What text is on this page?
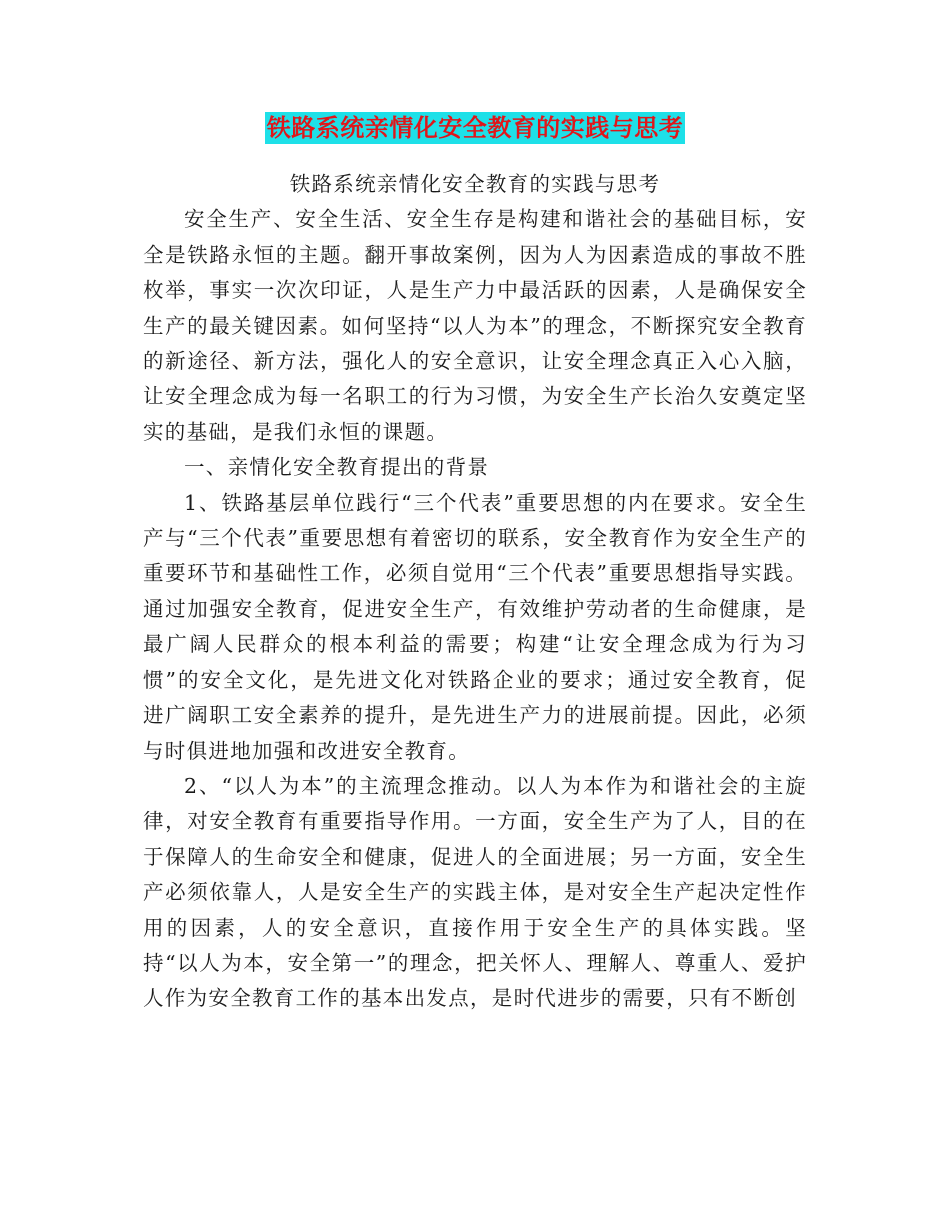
铁路系统亲情化安全教育的实践与思考

铁路系统亲情化安全教育的实践与思考

安全生产、安全生活、安全生存是构建和谐社会的基础目标，安全是铁路永恒的主题。翻开事故案例，因为人为因素造成的事故不胜枚举，事实一次次印证，人是生产力中最活跃的因素，人是确保安全生产的最关键因素。如何坚持“以人为本”的理念，不断探究安全教育的新途径、新方法，强化人的安全意识，让安全理念真正入心入脑，让安全理念成为每一名职工的行为习惯，为安全生产长治久安奠定坚实的基础，是我们永恒的课题。

一、亲情化安全教育提出的背景

1、铁路基层单位践行“三个代表”重要思想的内在要求。安全生产与“三个代表”重要思想有着密切的联系，安全教育作为安全生产的重要环节和基础性工作，必须自觉用“三个代表”重要思想指导实践。通过加强安全教育，促进安全生产，有效维护劳动者的生命健康，是最广阔人民群众的根本利益的需要；构建“让安全理念成为行为习惯”的安全文化，是先进文化对铁路企业的要求；通过安全教育，促进广阔职工安全素养的提升，是先进生产力的进展前提。因此，必须与时俱进地加强和改进安全教育。

2、“以人为本”的主流理念推动。以人为本作为和谐社会的主旋律，对安全教育有重要指导作用。一方面，安全生产为了人，目的在于保障人的生命安全和健康，促进人的全面进展；另一方面，安全生产必须依靠人，人是安全生产的实践主体，是对安全生产起决定性作用的因素，人的安全意识，直接作用于安全生产的具体实践。坚持“以人为本，安全第一”的理念，把关怀人、理解人、尊重人、爱护人作为安全教育工作的基本出发点，是时代进步的需要，只有不断创
